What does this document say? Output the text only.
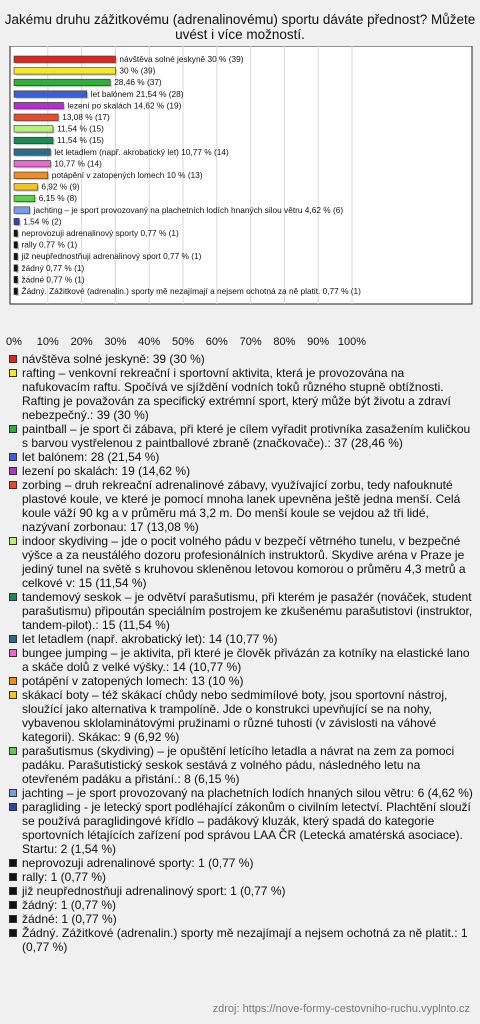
Jakému druhu zážitkovému (adrenalinovému) sportu dáváte přednost? Můžete uvést i více možností.
0% 10% 20% 30% 40% 50% 60% 70% 80% 90% 100%
návštěva solné jeskyně 30 % (39)
30 % (39)
28,46 % (37)
let balónem 21,54 % (28)
lezení po skalách 14,62 % (19)
13,08 % (17)
11,54 % (15)
11,54 % (15)
let letadlem (např. akrobatický let) 10,77 % (14)
10,77 % (14)
potápění v zatopených lomech 10 % (13)
6,92 % (9)
6,15 % (8)
jachting – je sport provozovaný na plachetních lodích hnaných silou větru 4,62 % (6)
1,54 % (2)
neprovozuji adrenalinový sporty 0,77 % (1)
rally 0,77 % (1)
již neupřednostňuji adrenalinový sport 0,77 % (1)
žádný 0,77 % (1)
žádné 0,77 % (1)
Žádný. Zážitkové (adrenalin.) sporty mě nezajímají a nejsem ochotná za ně platit. 0,77 % (1)
návštěva solné jeskyně: 39 (30 %)
rafting – venkovní rekreační i sportovní aktivita, která je provozována na nafukovacím raftu. Spočívá ve sjíždění vodních toků různého stupně obtížnosti. Rafting je považován za specifický extrémní sport, který může být životu a zdraví nebezpečný.: 39 (30 %)
paintball – je sport či zábava, při které je cílem vyřadit protivníka zasažením kuličkou s barvou vystřelenou z paintballové zbraně (značkovače).: 37 (28,46 %)
let balónem: 28 (21,54 %)
lezení po skalách: 19 (14,62 %)
zorbing – druh rekreační adrenalinové zábavy, využívající zorbu, tedy nafouknuté plastové koule, ve které je pomocí mnoha lanek upevněna ještě jedna menší. Celá koule váží 90 kg a v průměru má 3,2 m. Do menší koule se vejdou až tři lidé, nazývaní zorbonau: 17 (13,08 %)
indoor skydiving – jde o pocit volného pádu v bezpečí větrného tunelu, v bezpečné výšce a za neustálého dozoru profesionálních instruktorů. Skydive aréna v Praze je jediný tunel na světě s kruhovou skleněnou letovou komorou o průměru 4,3 metrů a celkové v: 15 (11,54 %)
tandemový seskok – je odvětví parašutismu, při kterém je pasažér (nováček, student parašutismu) připoután speciálním postrojem ke zkušenému parašutistovi (instruktor, tandem-pilot).: 15 (11,54 %)
let letadlem (např. akrobatický let): 14 (10,77 %)
bungee jumping – je aktivita, při které je člověk přivázán za kotníky na elastické lano a skáče dolů z velké výšky.: 14 (10,77 %)
potápění v zatopených lomech: 13 (10 %)
skákací boty – též skákací chůdy nebo sedmimílové boty, jsou sportovní nástroj, sloužící jako alternativa k trampolíně. Jde o konstrukci upevňující se na nohy, vybavenou sklolaminátovými pružinami o různé tuhosti (v závislosti na váhové kategorii). Skákac: 9 (6,92 %)
parašutismus (skydiving) – je opuštění letícího letadla a návrat na zem za pomoci padáku. Parašutistický seskok sestává z volného pádu, následného letu na otevřeném padáku a přistání.: 8 (6,15 %)
jachting – je sport provozovaný na plachetních lodích hnaných silou větru: 6 (4,62 %)
paragliding - je letecký sport podléhající zákonům o civilním letectví. Plachtění slouží se používá paraglidingové křídlo – padákový kluzák, který spadá do kategorie sportovních létajících zařízení pod správou LAA ČR (Letecká amatérská asociace). Startu: 2 (1,54 %)
neprovozuji adrenalinové sporty: 1 (0,77 %)
rally: 1 (0,77 %)
již neupřednostňuji adrenalinový sport: 1 (0,77 %)
žádný: 1 (0,77 %)
žádné: 1 (0,77 %)
Žádný. Zážitkové (adrenalin.) sporty mě nezajímají a nejsem ochotná za ně platit.: 1 (0,77 %)
zdroj: https://nove-formy-cestovniho-ruchu.vyplnto.cz
